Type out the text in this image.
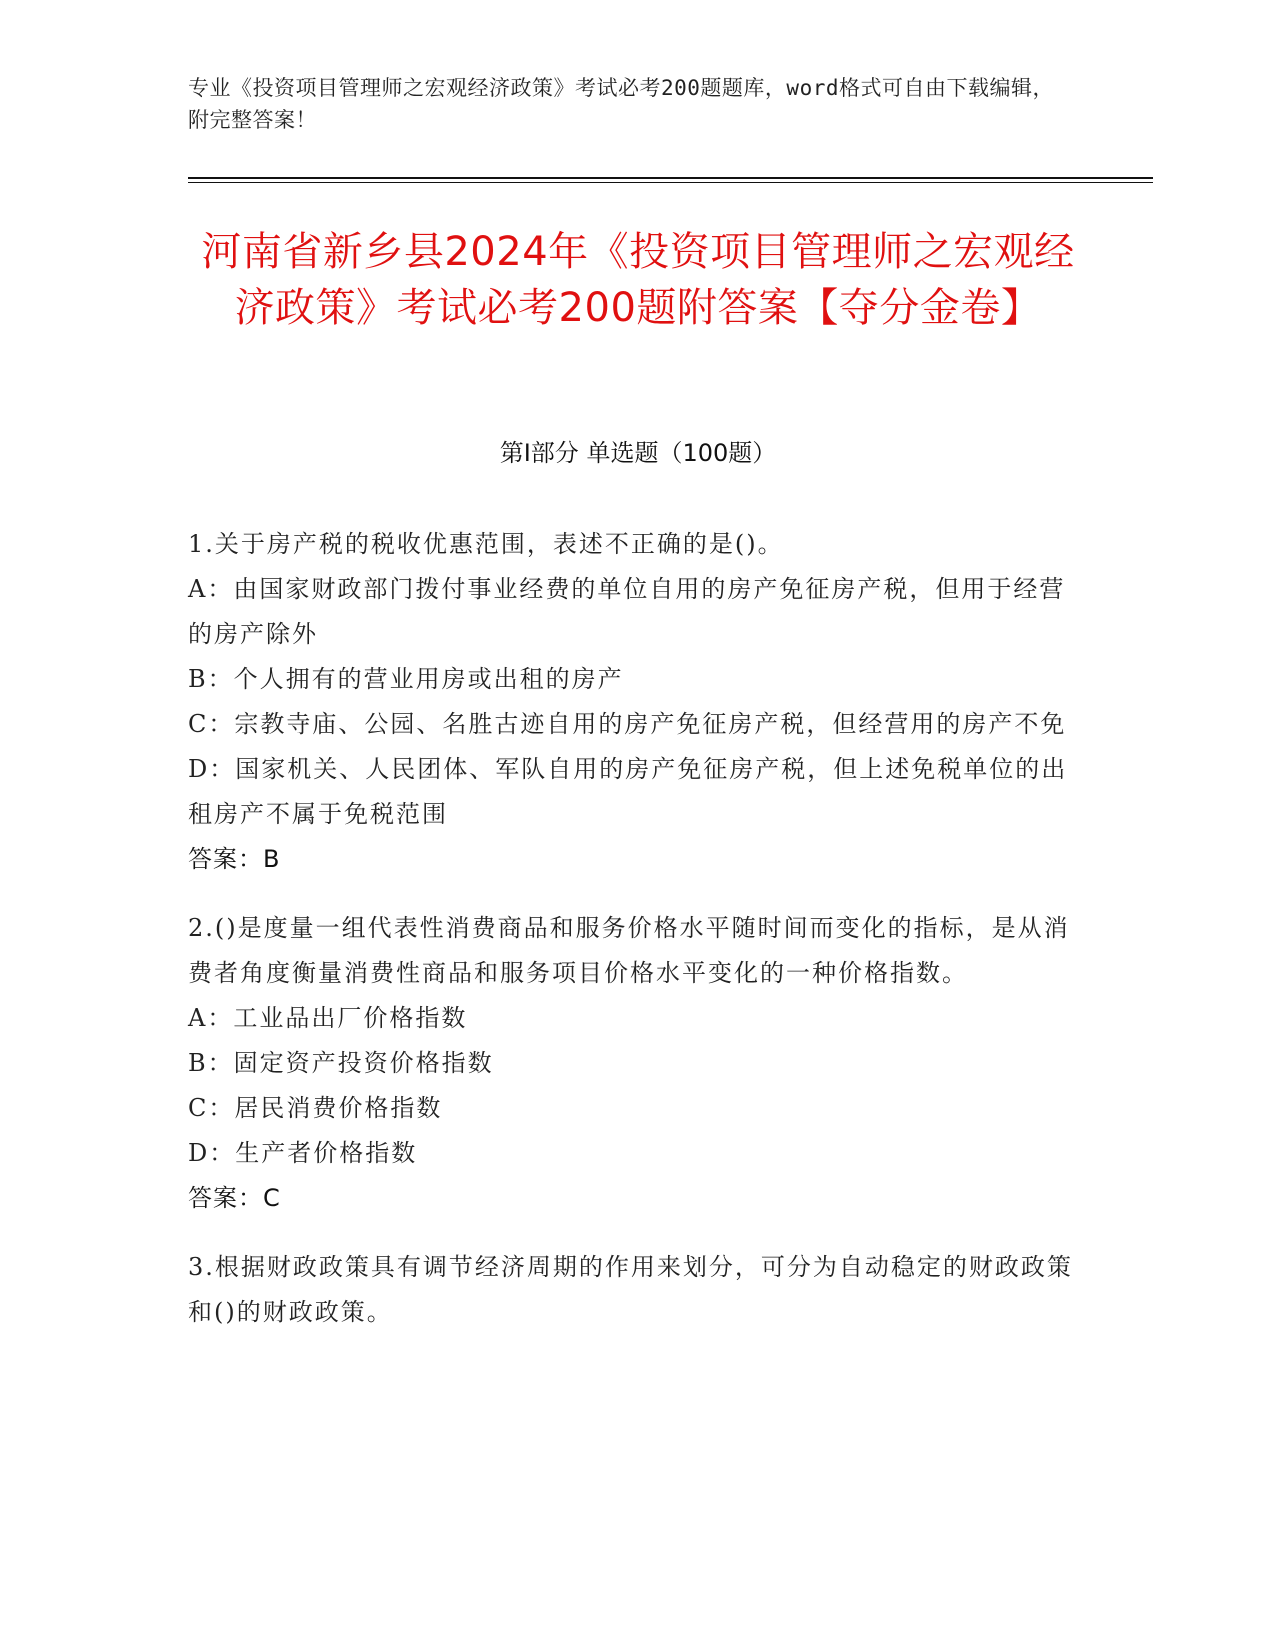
专业《投资项目管理师之宏观经济政策》考试必考200题题库，word格式可自由下载编辑，附完整答案！
河南省新乡县2024年《投资项目管理师之宏观经济政策》考试必考200题附答案【夺分金卷】
第Ⅰ部分 单选题（100题）

1.关于房产税的税收优惠范围，表述不正确的是()。

A：由国家财政部门拨付事业经费的单位自用的房产免征房产税，但用于经营的房产除外

B：个人拥有的营业用房或出租的房产

C：宗教寺庙、公园、名胜古迹自用的房产免征房产税，但经营用的房产不免

D：国家机关、人民团体、军队自用的房产免征房产税，但上述免税单位的出租房产不属于免税范围

答案：B

2.()是度量一组代表性消费商品和服务价格水平随时间而变化的指标，是从消费者角度衡量消费性商品和服务项目价格水平变化的一种价格指数。

A：工业品出厂价格指数

B：固定资产投资价格指数

C：居民消费价格指数

D：生产者价格指数

答案：C

3.根据财政政策具有调节经济周期的作用来划分，可分为自动稳定的财政政策和()的财政政策。
